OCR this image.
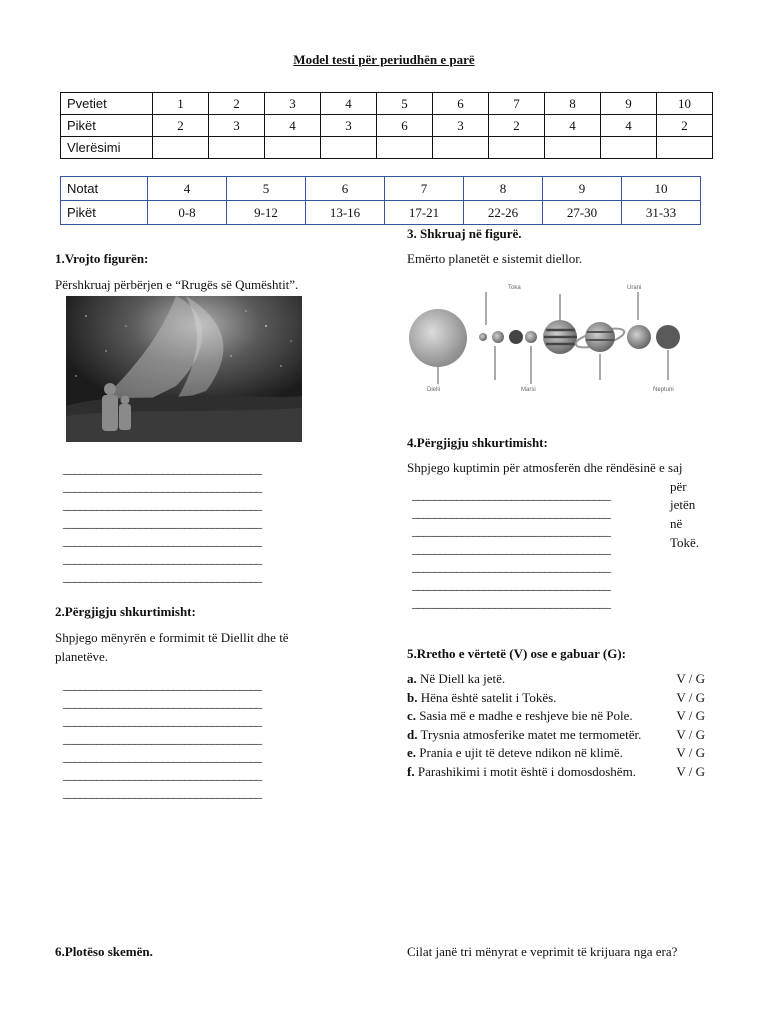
Model testi për periudhën e parë
Pvetiet	1	2	3	4	5	6	7	8	9	10
Pikët	2	3	4	3	6	3	2	4	4	2
Vlerësimi										
Notat	4	5	6	7	8	9	10
Pikët	0-8	9-12	13-16	17-21	22-26	27-30	31-33
1.Vrojto figurën:
Përshkruaj përbërjen e “Rrugës së Qumështit”.
____________________________________
____________________________________
____________________________________
____________________________________
____________________________________
____________________________________
____________________________________
2.Përgjigju shkurtimisht:
Shpjego mënyrën e formimit të Diellit dhe të
planetëve.
____________________________________
____________________________________
____________________________________
____________________________________
____________________________________
____________________________________
____________________________________
3. Shkruaj në figurë.
Emërto planetët e sistemit diellor.
Toka	Urani
Dielli	Marsi	Neptuni
4.Përgjigju shkurtimisht:
Shpjego kuptimin për atmosferën dhe rëndësinë e saj
____________________________________
____________________________________
____________________________________
____________________________________
____________________________________
____________________________________
____________________________________
për
jetën
në
Tokë.
5.Rretho e vërtetë (V) ose e gabuar (G):
a. Në Diell ka jetë.	V / G
b. Hëna është satelit i Tokës.	V / G
c. Sasia më e madhe e reshjeve bie në Pole.	V / G
d. Trysnia atmosferike matet me termometër.	V / G
e. Prania e ujit të deteve ndikon në klimë.	V / G
f. Parashikimi i motit është i domosdoshëm.	V / G
6.Plotëso skemën.	Cilat janë tri mënyrat e veprimit të krijuara nga era?
